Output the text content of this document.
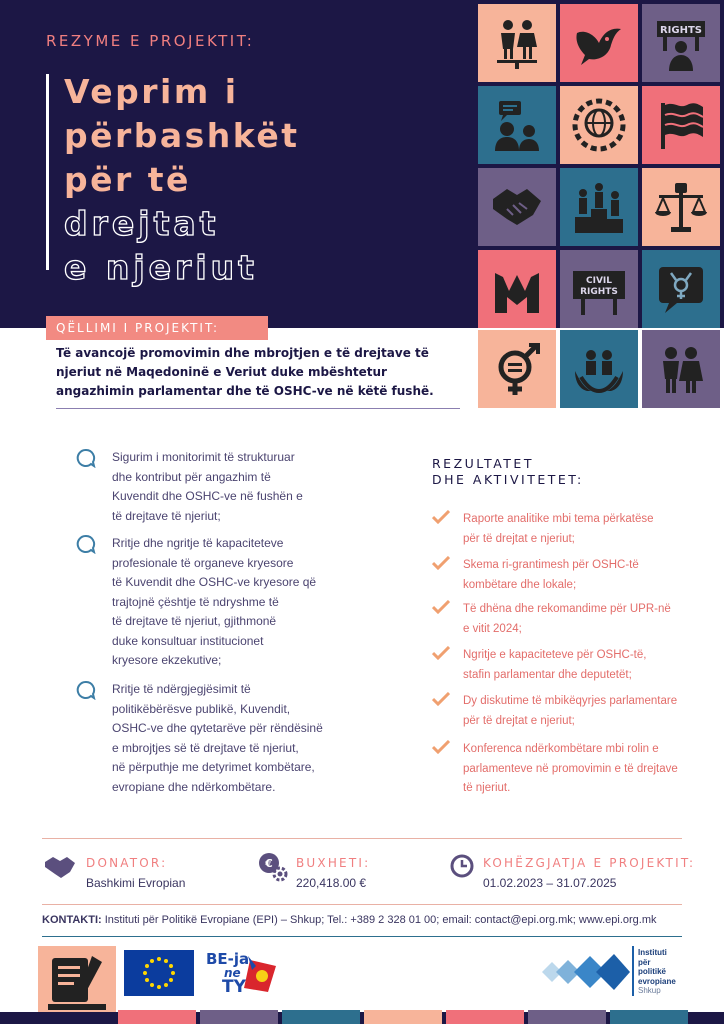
REZYME E PROJEKTIT:
Veprim i
përbashkët
për të
drejtat
e njeriut
RIGHTS
CIVIL
RIGHTS
QËLLIMI I PROJEKTIT:
Të avancojë promovimin dhe mbrojtjen e të drejtave të njeriut në Maqedoninë e Veriut duke mbështetur angazhimin parlamentar dhe të OSHC-ve në këtë fushë.
Sigurim i monitorimit të strukturuar
dhe kontribut për angazhim të
Kuvendit dhe OSHC-ve në fushën e
të drejtave të njeriut;
Rritje dhe ngritje të kapaciteteve
profesionale të organeve kryesore
të Kuvendit dhe OSHC-ve kryesore që
trajtojnë çështje të ndryshme të
të drejtave të njeriut, gjithmonë
duke konsultuar institucionet
kryesore ekzekutive;
Rritje të ndërgjegjësimit të
politikëbërësve publikë, Kuvendit,
OSHC-ve dhe qytetarëve për rëndësinë
e mbrojtjes së të drejtave të njeriut,
në përputhje me detyrimet kombëtare,
evropiane dhe ndërkombëtare.
REZULTATET
DHE AKTIVITETET:
Raporte analitike mbi tema përkatëse
për të drejtat e njeriut;
Skema ri-grantimesh për OSHC-të
kombëtare dhe lokale;
Të dhëna dhe rekomandime për UPR-në
e vitit 2024;
Ngritje e kapaciteteve për OSHC-të,
stafin parlamentar dhe deputetët;
Dy diskutime të mbikëqyrjes parlamentare
për të drejtat e njeriut;
Konferenca ndërkombëtare mbi rolin e
parlamenteve në promovimin e të drejtave
të njeriut.
DONATOR:
Bashkimi Evropian
€ BUXHETI:
220,418.00 €
KOHËZGJATJA E PROJEKTIT:
01.02.2023 – 31.07.2025
KONTAKTI: Instituti për Politikë Evropiane (EPI) – Shkup; Tel.: +389 2 328 01 00; email: contact@epi.org.mk; www.epi.org.mk
BE-ja
ne
TY
Instituti
për
politikë
evropiane
Shkup
